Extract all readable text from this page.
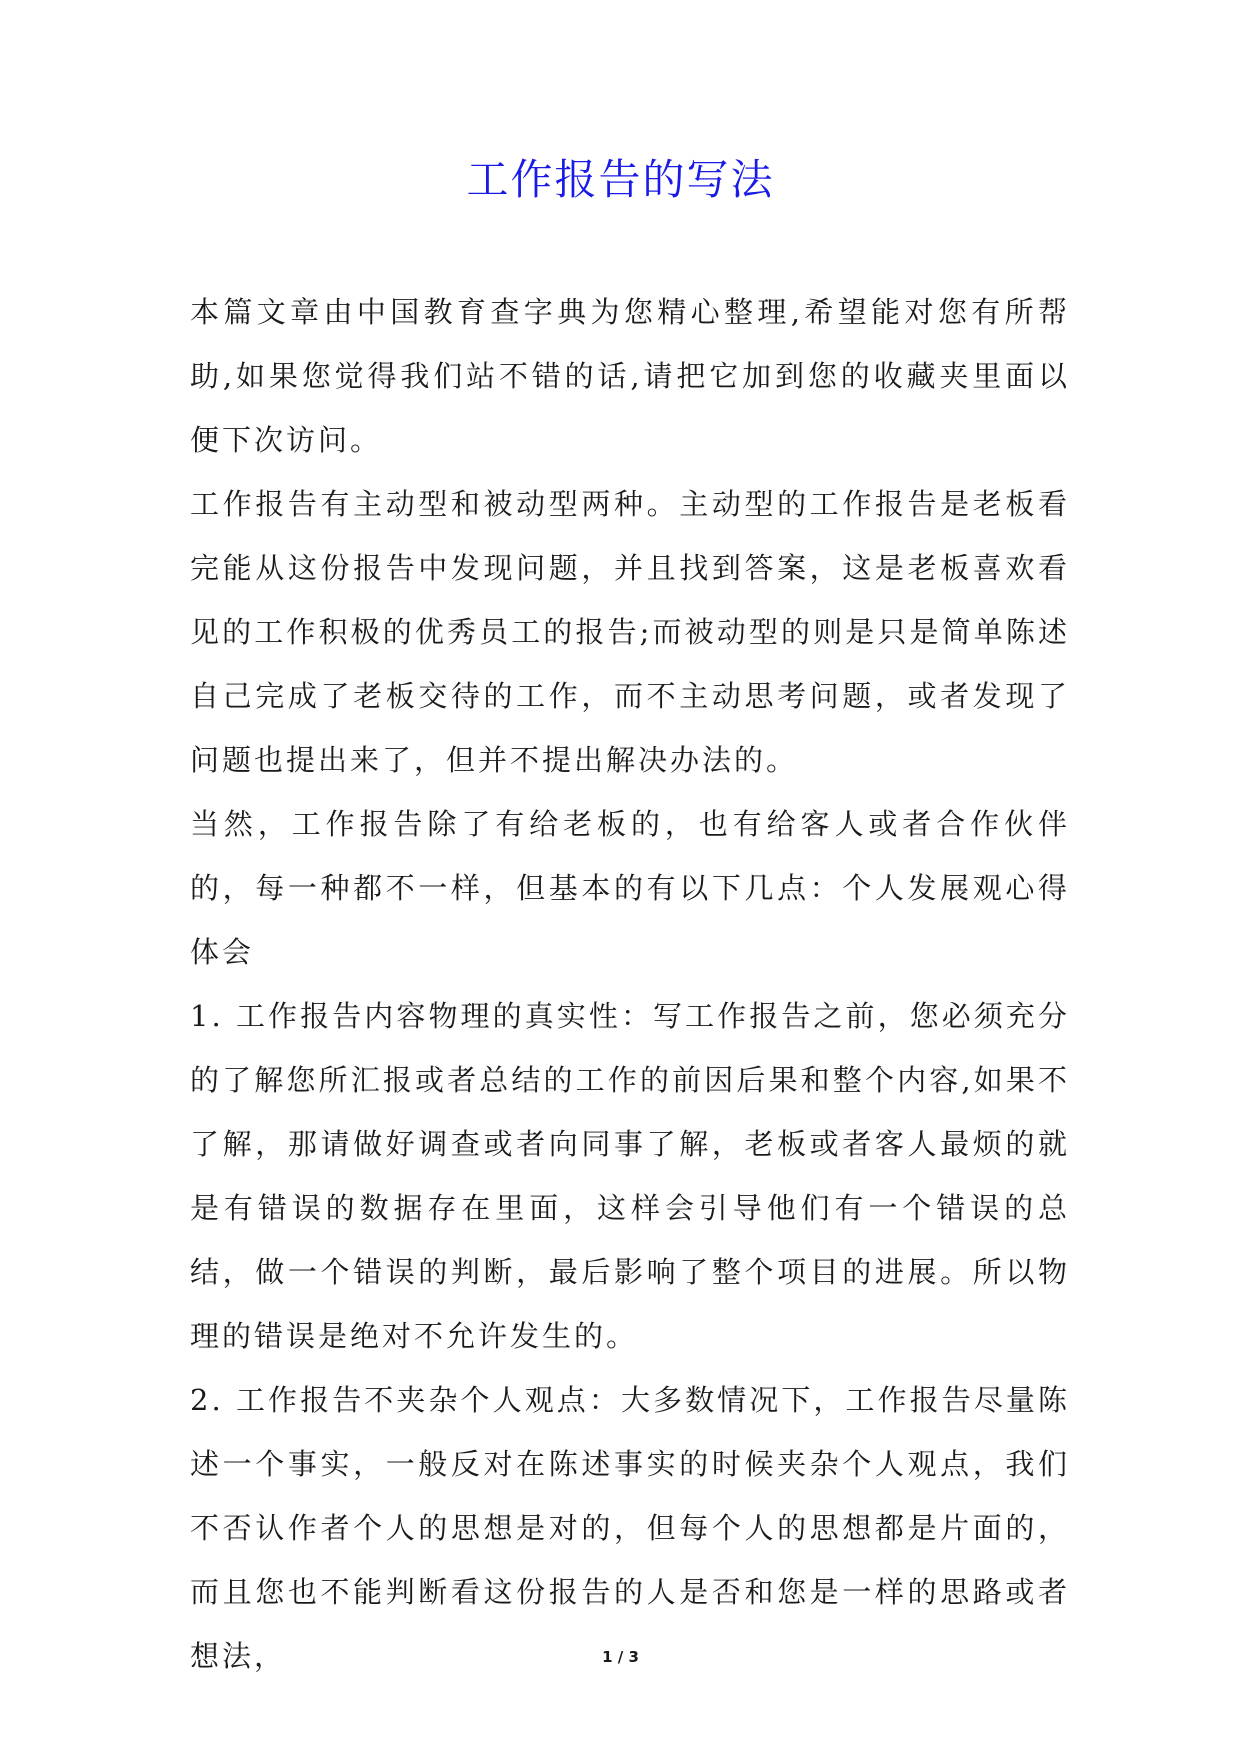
工作报告的写法

本篇文章由中国教育查字典为您精心整理,希望能对您有所帮助,如果您觉得我们站不错的话,请把它加到您的收藏夹里面以便下次访问。

工作报告有主动型和被动型两种。主动型的工作报告是老板看完能从这份报告中发现问题，并且找到答案，这是老板喜欢看见的工作积极的优秀员工的报告;而被动型的则是只是简单陈述自己完成了老板交待的工作，而不主动思考问题，或者发现了问题也提出来了，但并不提出解决办法的。

当然，工作报告除了有给老板的，也有给客人或者合作伙伴的，每一种都不一样，但基本的有以下几点：个人发展观心得体会

1. 工作报告内容物理的真实性：写工作报告之前，您必须充分的了解您所汇报或者总结的工作的前因后果和整个内容,如果不了解，那请做好调查或者向同事了解，老板或者客人最烦的就是有错误的数据存在里面，这样会引导他们有一个错误的总结，做一个错误的判断，最后影响了整个项目的进展。所以物理的错误是绝对不允许发生的。

2. 工作报告不夹杂个人观点：大多数情况下，工作报告尽量陈述一个事实，一般反对在陈述事实的时候夹杂个人观点，我们不否认作者个人的思想是对的，但每个人的思想都是片面的，而且您也不能判断看这份报告的人是否和您是一样的思路或者想法，	1 / 3
